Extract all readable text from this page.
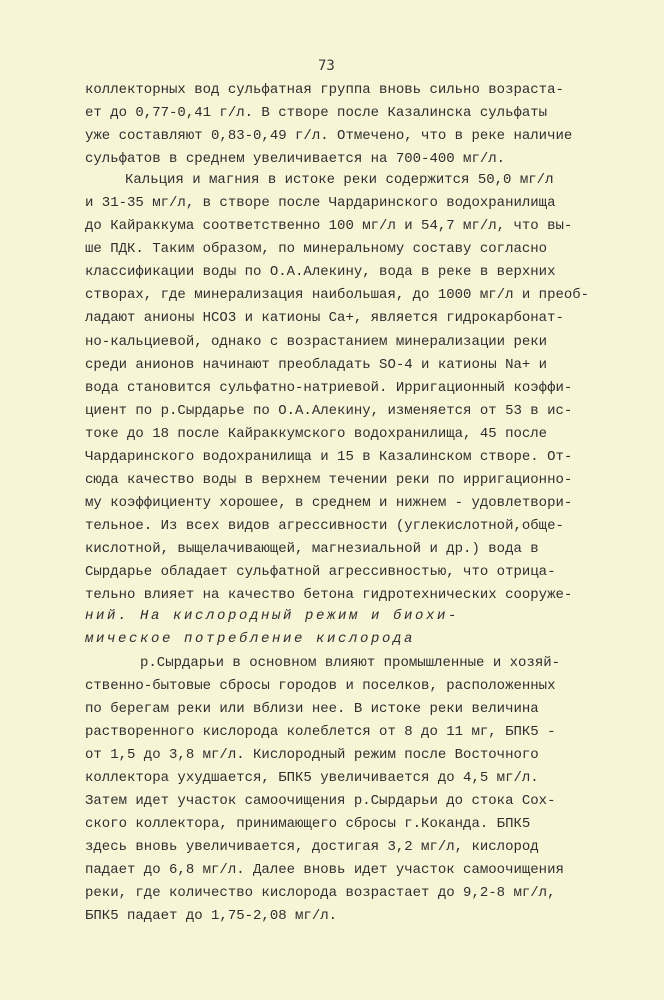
73
коллекторных вод сульфатная группа вновь сильно возраста-
ет до 0,77-0,41 г/л. В створе после Казалинска сульфаты
уже составляют 0,83-0,49 г/л. Отмечено, что в реке наличие
сульфатов в среднем увеличивается на 700-400 мг/л.
Кальция и магния в истоке реки содержится 50,0 мг/л
и 31-35 мг/л, в створе после Чардаринского водохранилища
до Кайраккума соответственно 100 мг/л и 54,7 мг/л, что вы-
ше ПДК. Таким образом, по минеральному составу согласно
классификации воды по О.А.Алекину, вода в реке в верхних
створах, где минерализация наибольшая, до 1000 мг/л и преоб-
ладают анионы НСО3 и катионы Са+, является гидрокарбонат-
но-кальциевой, однако с возрастанием минерализации реки
среди анионов начинают преобладать SO-4 и катионы Na+ и
вода становится сульфатно-натриевой. Ирригационный коэффи-
циент по р.Сырдарье по О.А.Алекину, изменяется от 53 в ис-
токе до 18 после Кайраккумского водохранилища, 45 после
Чардаринского водохранилища и 15 в Казалинском створе. От-
сюда качество воды в верхнем течении реки по ирригационно-
му коэффициенту хорошее, в среднем и нижнем - удовлетвори-
тельное. Из всех видов агрессивности (углекислотной,обще-
кислотной, выщелачивающей, магнезиальной и др.) вода в
Сырдарье обладает сульфатной агрессивностью, что отрица-
тельно влияет на качество бетона гидротехнических сооруже-
ний. На кислородный режим и биохи-
мическое потребление кислорода
р.Сырдарьи в основном влияют промышленные и хозяй-
ственно-бытовые сбросы городов и поселков, расположенных
по берегам реки или вблизи нее. В истоке реки величина
растворенного кислорода колеблется от 8 до 11 мг, БПК5 -
от 1,5 до 3,8 мг/л. Кислородный режим после Восточного
коллектора ухудшается, БПК5 увеличивается до 4,5 мг/л.
Затем идет участок самоочищения р.Сырдарьи до стока Сох-
ского коллектора, принимающего сбросы г.Коканда. БПК5
здесь вновь увеличивается, достигая 3,2 мг/л, кислород
падает до 6,8 мг/л. Далее вновь идет участок самоочищения
реки, где количество кислорода возрастает до 9,2-8 мг/л,
БПК5 падает до 1,75-2,08 мг/л.
